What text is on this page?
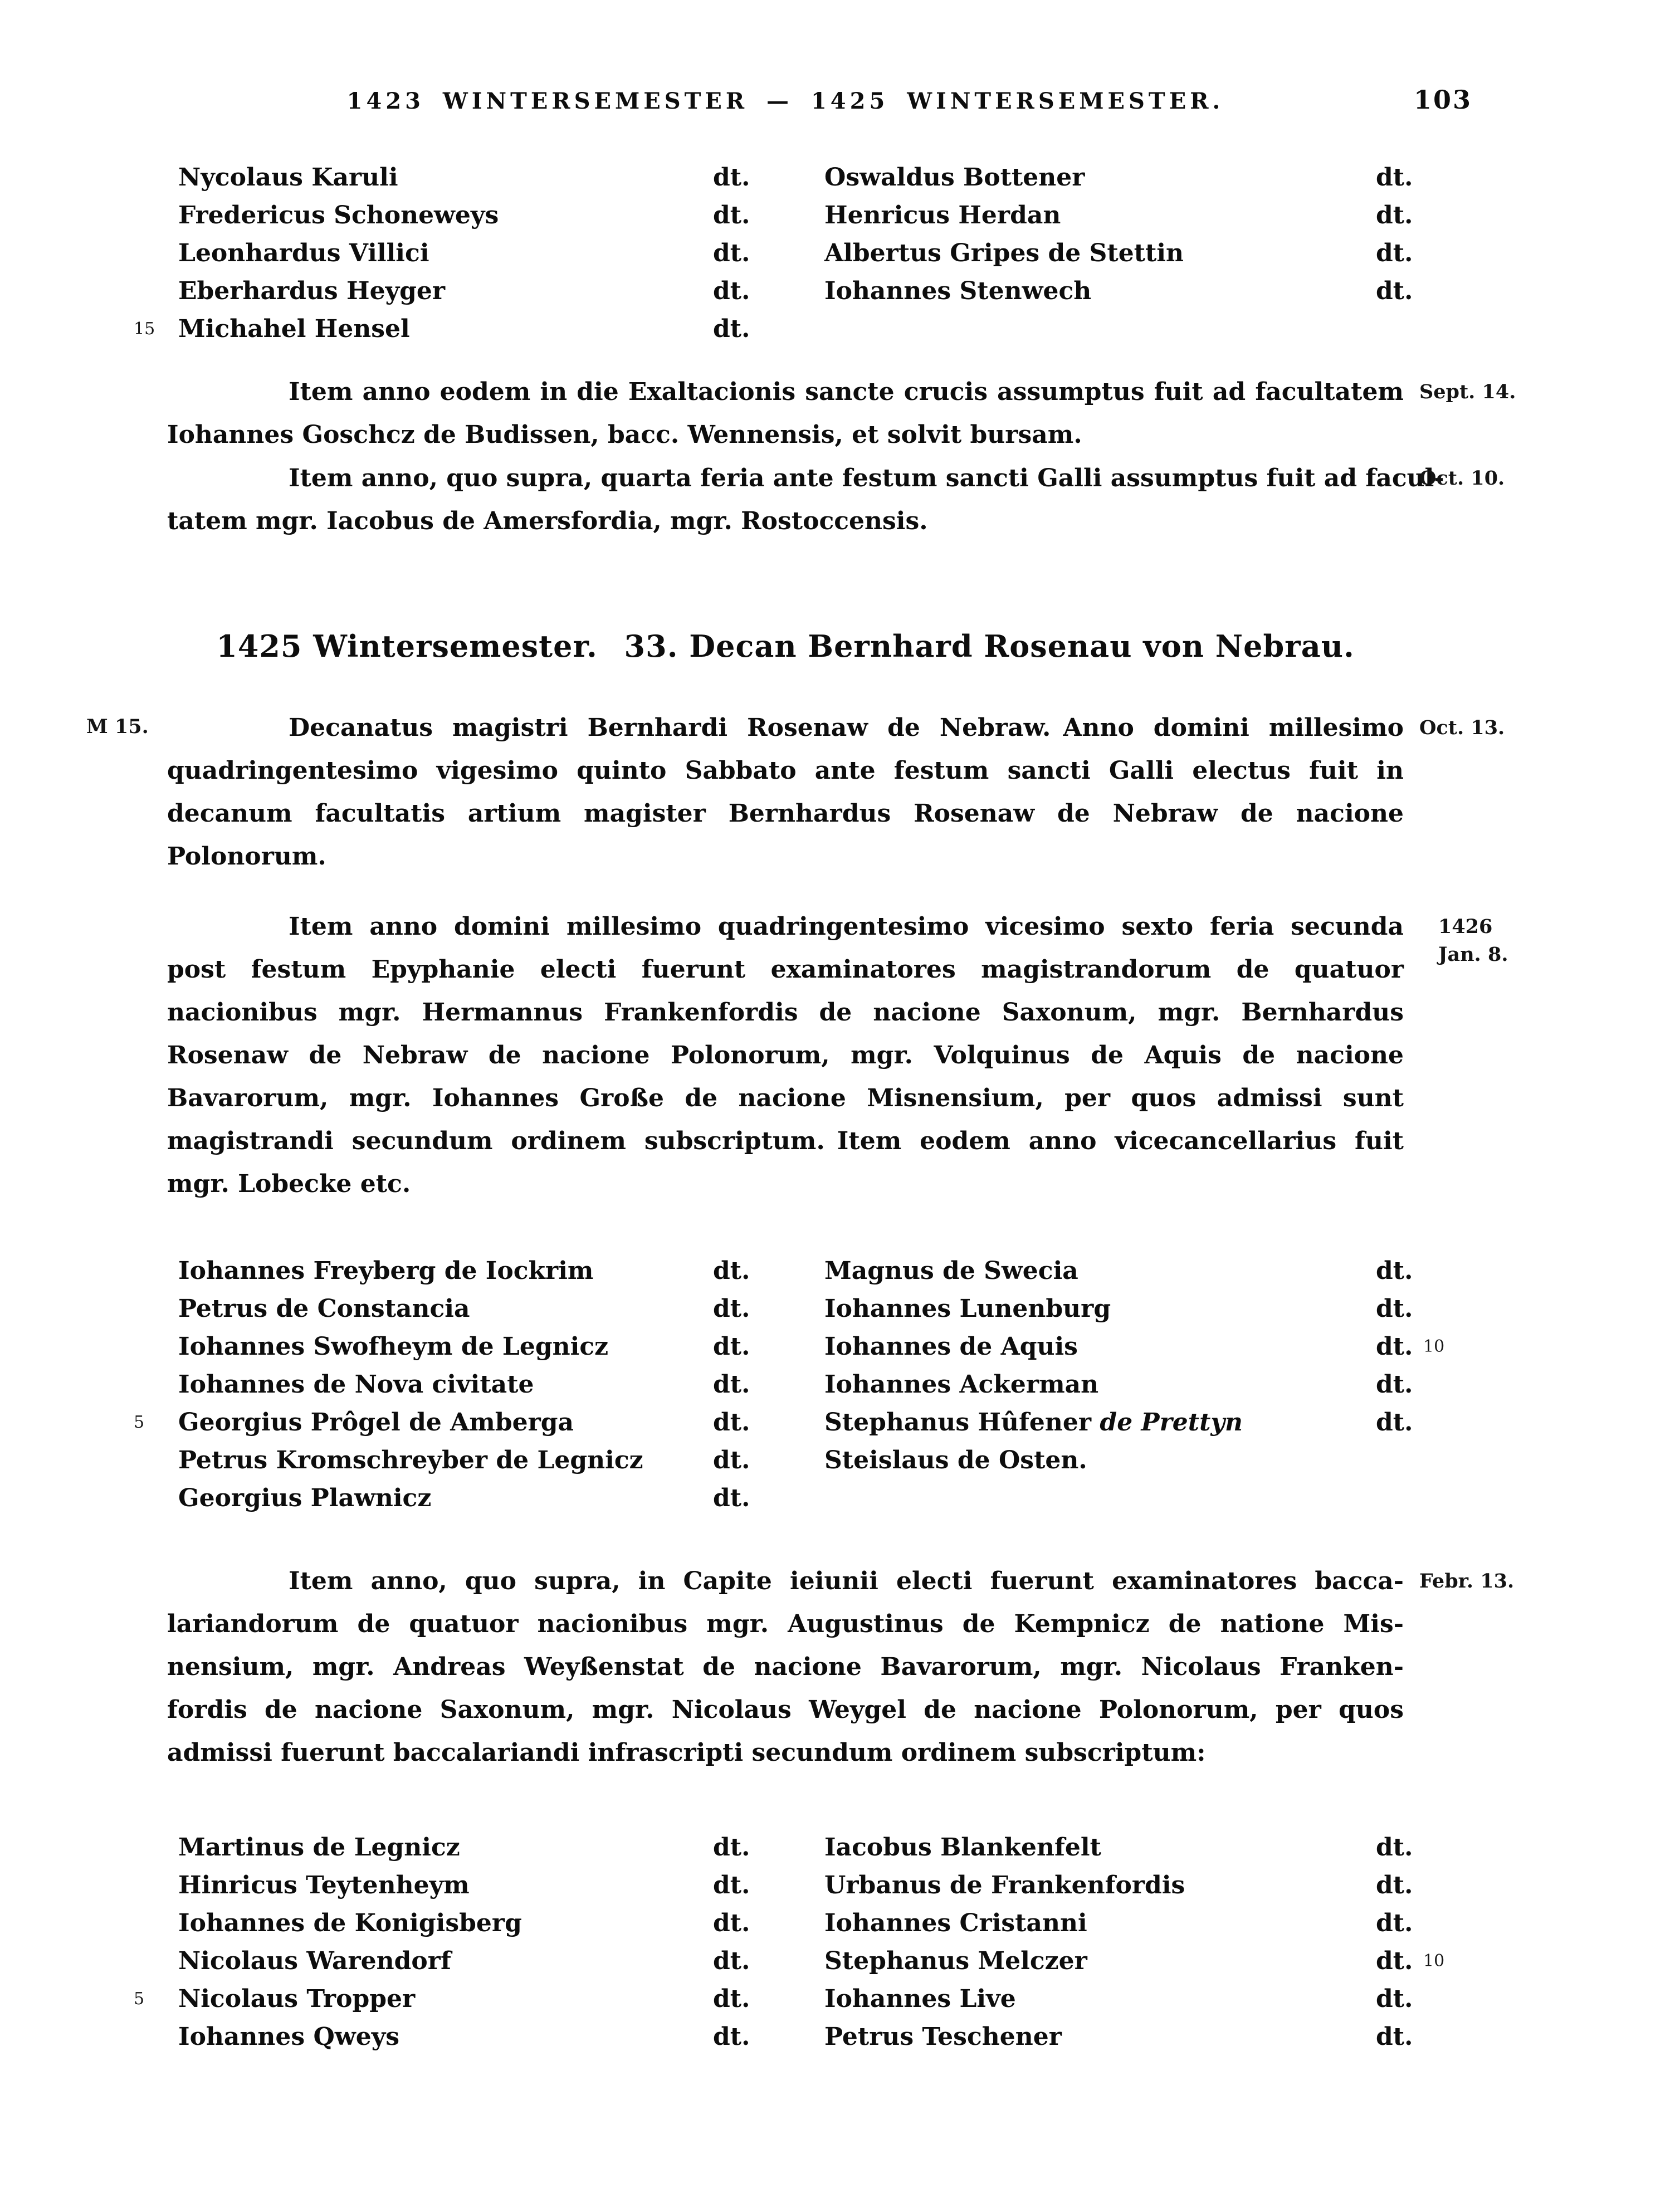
1423 WINTERSEMESTER — 1425 WINTERSEMESTER.	103
Nycolaus Karuli	dt.	Oswaldus Bottener	dt.
Fredericus Schoneweys	dt.	Henricus Herdan	dt.
Leonhardus Villici	dt.	Albertus Gripes de Stettin	dt.
Eberhardus Heyger	dt.	Iohannes Stenwech	dt.
15 Michahel Hensel	dt.
Item anno eodem in die Exaltacionis sancte crucis assumptus fuit ad facultatem
Iohannes Goschcz de Budissen, bacc. Wennensis, et solvit bursam.
Sept. 14.
Item anno, quo supra, quarta feria ante festum sancti Galli assumptus fuit ad facul-
tatem mgr. Iacobus de Amersfordia, mgr. Rostoccensis.
Oct. 10.
1425 Wintersemester.  33. Decan Bernhard Rosenau von Nebrau.
Decanatus magistri Bernhardi Rosenaw de Nebraw. Anno domini millesimo
quadringentesimo vigesimo quinto Sabbato ante festum sancti Galli electus fuit in
decanum facultatis artium magister Bernhardus Rosenaw de Nebraw de nacione
Polonorum.
M 15.	Oct. 13.
Item anno domini millesimo quadringentesimo vicesimo sexto feria secunda
post festum Epyphanie electi fuerunt examinatores magistrandorum de quatuor
nacionibus mgr. Hermannus Frankenfordis de nacione Saxonum, mgr. Bernhardus
Rosenaw de Nebraw de nacione Polonorum, mgr. Volquinus de Aquis de nacione
Bavarorum, mgr. Iohannes Große de nacione Misnensium, per quos admissi sunt
magistrandi secundum ordinem subscriptum. Item eodem anno vicecancellarius fuit
mgr. Lobecke etc.
1426
Jan. 8.
Iohannes Freyberg de Iockrim	dt.	Magnus de Swecia	dt.
Petrus de Constancia	dt.	Iohannes Lunenburg	dt.
Iohannes Swofheym de Legnicz	dt.	Iohannes de Aquis	dt. 10
Iohannes de Nova civitate	dt.	Iohannes Ackerman	dt.
5	Georgius Prôgel de Amberga	dt.	Stephanus Hûfener de Prettyn	dt.
Petrus Kromschreyber de Legnicz	dt.	Steislaus de Osten.
Georgius Plawnicz	dt.
Item anno, quo supra, in Capite ieiunii electi fuerunt examinatores bacca-
lariandorum de quatuor nacionibus mgr. Augustinus de Kempnicz de natione Mis-
nensium, mgr. Andreas Weyßenstat de nacione Bavarorum, mgr. Nicolaus Franken-
fordis de nacione Saxonum, mgr. Nicolaus Weygel de nacione Polonorum, per quos
admissi fuerunt baccalariandi infrascripti secundum ordinem subscriptum:
Febr. 13.
Martinus de Legnicz	dt.	Iacobus Blankenfelt	dt.
Hinricus Teytenheym	dt.	Urbanus de Frankenfordis	dt.
Iohannes de Konigisberg	dt.	Iohannes Cristanni	dt.
Nicolaus Warendorf	dt.	Stephanus Melczer	dt. 10
5	Nicolaus Tropper	dt.	Iohannes Live	dt.
Iohannes Qweys	dt.	Petrus Teschener	dt.
